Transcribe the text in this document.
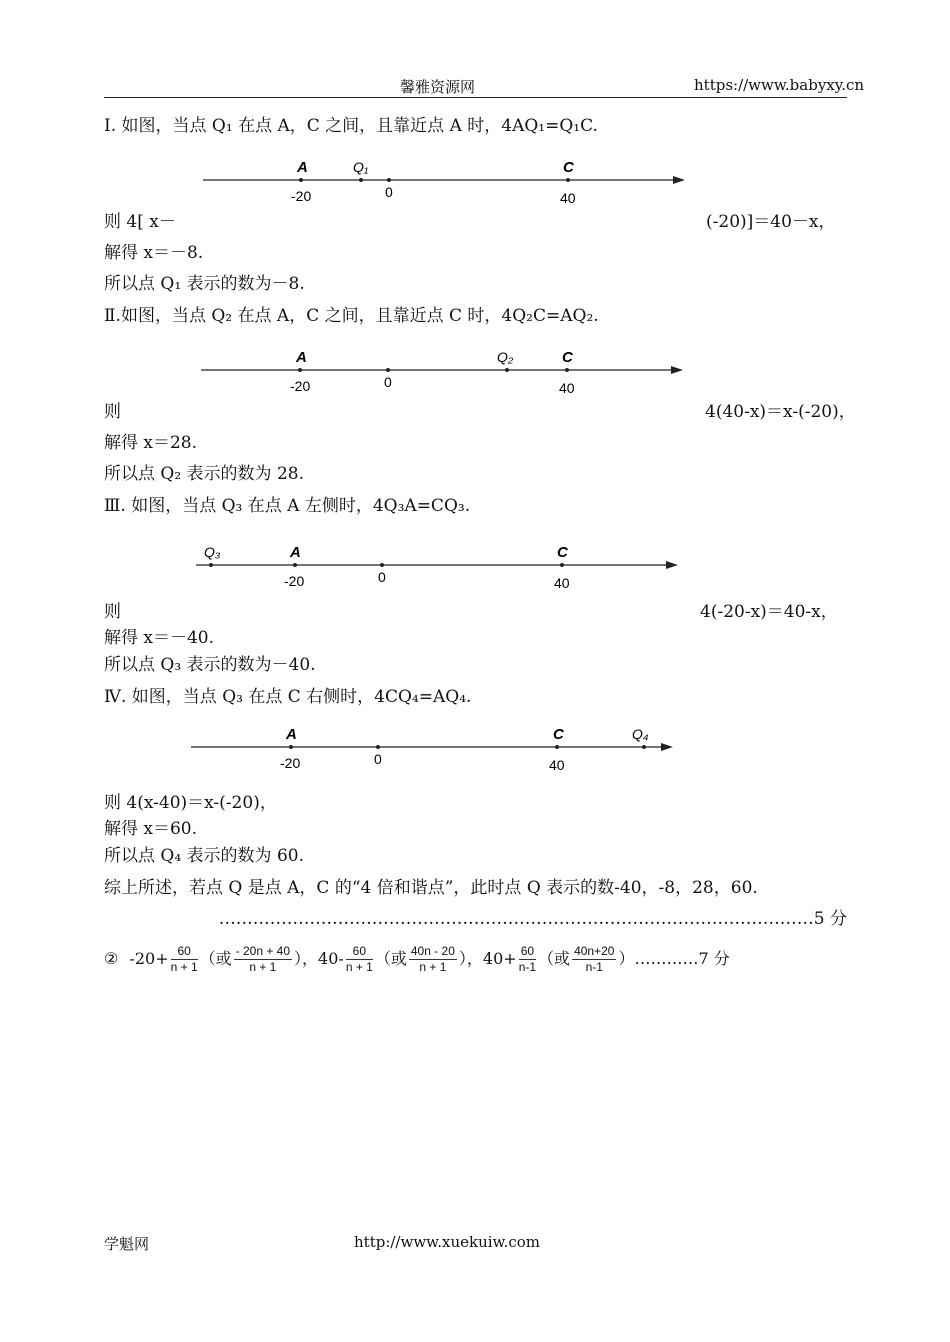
馨雅资源网	https://www.babyxy.cn
Ⅰ. 如图，当点 Q₁ 在点 A，C 之间，且靠近点 A 时，4AQ₁=Q₁C.
A	Q₁	C
-20	0	40
则 4[ x－	(-20)]＝40－x，
解得 x＝－8.
所以点 Q₁ 表示的数为－8.
Ⅱ.如图，当点 Q₂ 在点 A，C 之间，且靠近点 C 时，4Q₂C=AQ₂.
A	Q₂	C
-20	0	40
则	4(40-x)＝x-(-20)，
解得 x＝28.
所以点 Q₂ 表示的数为 28.
Ⅲ. 如图，当点 Q₃ 在点 A 左侧时，4Q₃A=CQ₃.
Q₃	A	C
-20	0	40
则	4(-20-x)＝40-x，
解得 x＝－40.
所以点 Q₃ 表示的数为－40.
Ⅳ. 如图，当点 Q₃ 在点 C 右侧时，4CQ₄=AQ₄.
A	C	Q₄
-20	0	40
则 4(x-40)＝x-(-20)，
解得 x＝60.
所以点 Q₄ 表示的数为 60.
综上所述，若点 Q 是点 A，C 的“4 倍和谐点”，此时点 Q 表示的数-40，-8，28，60.
……………………………………………………………………………………………5 分
② $-20+ \frac{60}{n + 1}$ （或 $\frac{- 20n + 40}{n + 1}$ ），$40- \frac{60}{n + 1}$ （或 $\frac{40n - 20}{n + 1}$ ），$40+ \frac{60}{n-1}$ （或 $\frac{40n+20}{n-1}$ ）…………7 分
学魁网	http://www.xuekuiw.com
